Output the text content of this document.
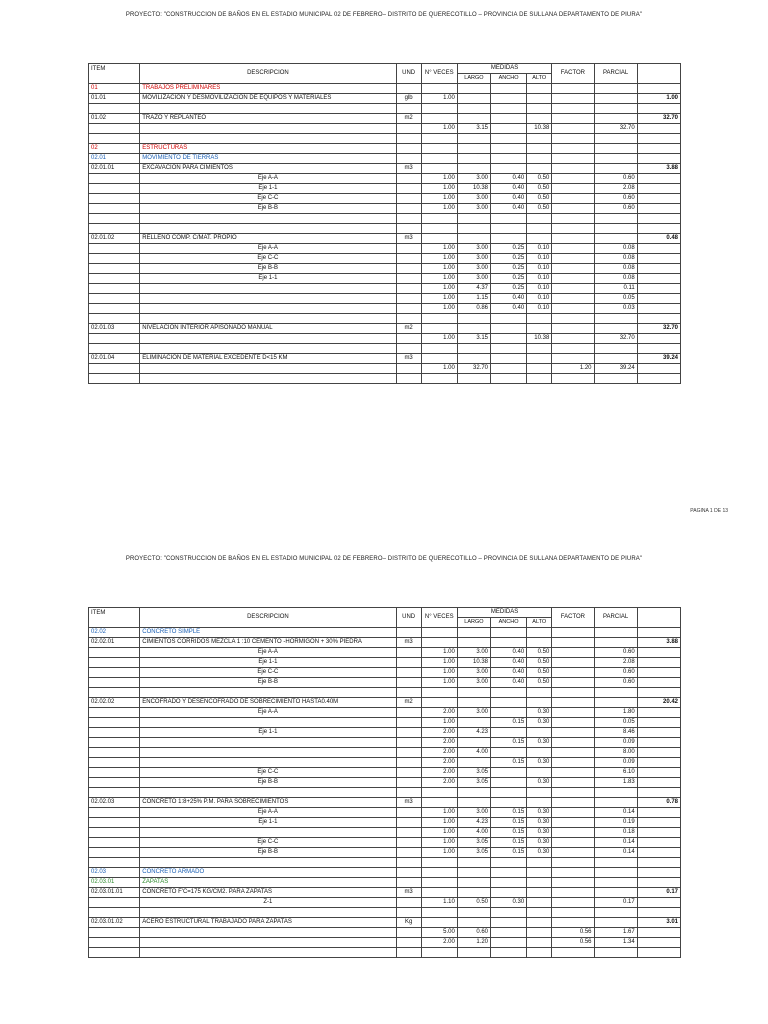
PROYECTO: "CONSTRUCCION DE BAÑOS EN EL ESTADIO MUNICIPAL 02 DE FEBRERO– DISTRITO DE QUERECOTILLO – PROVINCIA DE SULLANA DEPARTAMENTO DE PIURA"
ITEM	DESCRIPCION	UND	N° VECES	MEDIDAS			FACTOR	PARCIAL	
				LARGO	ANCHO	ALTO			
01	TRABAJOS PRELIMINARES								
01.01	MOVILIZACION Y DESMOVILIZACION DE EQUIPOS Y MATERIALES	glb	1.00						1.00

01.02	TRAZO Y REPLANTEO	m2							32.70
			1.00	3.15		10.38		32.70	

02	ESTRUCTURAS								
02.01	MOVIMIENTO DE TIERRAS								
02.01.01	EXCAVACION PARA CIMIENTOS	m3							3.88
	Eje A-A		1.00	3.00	0.40	0.50		0.60	
	Eje 1-1		1.00	10.38	0.40	0.50		2.08	
	Eje C-C		1.00	3.00	0.40	0.50		0.60	
	Eje B-B		1.00	3.00	0.40	0.50		0.60	

02.01.02	RELLENO COMP. C/MAT. PROPIO	m3							0.48
	Eje A-A		1.00	3.00	0.25	0.10		0.08	
	Eje C-C		1.00	3.00	0.25	0.10		0.08	
	Eje B-B		1.00	3.00	0.25	0.10		0.08	
	Eje 1-1		1.00	3.00	0.25	0.10		0.08	
			1.00	4.37	0.25	0.10		0.11	
			1.00	1.15	0.40	0.10		0.05	
			1.00	0.86	0.40	0.10		0.03	

02.01.03	NIVELACION INTERIOR APISONADO MANUAL	m2							32.70
			1.00	3.15		10.38		32.70	

02.01.04	ELIMINACION DE MATERIAL EXCEDENTE D<15 KM	m3							39.24
			1.00	32.70			1.20	39.24	

PAGINA 1 DE 13
PROYECTO: "CONSTRUCCION DE BAÑOS EN EL ESTADIO MUNICIPAL 02 DE FEBRERO– DISTRITO DE QUERECOTILLO – PROVINCIA DE SULLANA DEPARTAMENTO DE PIURA"
ITEM	DESCRIPCION	UND	N° VECES	MEDIDAS			FACTOR	PARCIAL	
				LARGO	ANCHO	ALTO			
02.02	CONCRETO SIMPLE								
02.02.01	CIMIENTOS CORRIDOS MEZCLA 1 :10 CEMENTO -HORMIGON + 30% PIEDRA	m3							3.88
	Eje A-A		1.00	3.00	0.40	0.50		0.60	
	Eje 1-1		1.00	10.38	0.40	0.50		2.08	
	Eje C-C		1.00	3.00	0.40	0.50		0.60	
	Eje B-B		1.00	3.00	0.40	0.50		0.60	

02.02.02	ENCOFRADO Y DESENCOFRADO DE SOBRECIMIENTO HASTA0.40M	m2							20.42
	Eje A-A		2.00	3.00		0.30		1.80	
			1.00		0.15	0.30		0.05	
	Eje 1-1		2.00	4.23				8.46	
			2.00		0.15	0.30		0.09	
			2.00	4.00				8.00	
			2.00		0.15	0.30		0.09	
	Eje C-C		2.00	3.05				6.10	
	Eje B-B		2.00	3.05		0.30		1.83	

02.02.03	CONCRETO 1:8+25% P.M. PARA SOBRECIMIENTOS	m3							0.78
	Eje A-A		1.00	3.00	0.15	0.30		0.14	
	Eje 1-1		1.00	4.23	0.15	0.30		0.19	
			1.00	4.00	0.15	0.30		0.18	
	Eje C-C		1.00	3.05	0.15	0.30		0.14	
	Eje B-B		1.00	3.05	0.15	0.30		0.14	

02.03	CONCRETO ARMADO								
02.03.01	ZAPATAS								
02.03.01.01	CONCRETO F'C=175 KG/CM2. PARA ZAPATAS	m3							0.17
	Z-1		1.10	0.50	0.30			0.17	

02.03.01.02	ACERO ESTRUCTURAL TRABAJADO PARA ZAPATAS	Kg							3.01
			5.00	0.60			0.56	1.67	
			2.00	1.20			0.56	1.34	
